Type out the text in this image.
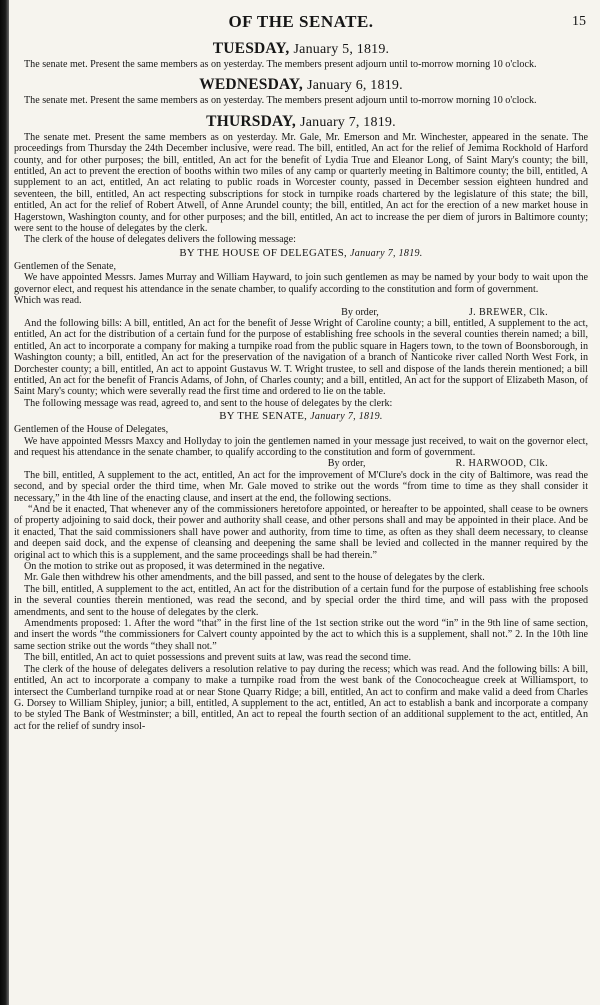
OF THE SENATE.	15
TUESDAY, January 5, 1819.

The senate met. Present the same members as on yesterday. The members present adjourn until to-morrow morning 10 o'clock.

WEDNESDAY, January 6, 1819.

The senate met. Present the same members as on yesterday. The members present adjourn until to-morrow morning 10 o'clock.

THURSDAY, January 7, 1819.

The senate met. Present the same members as on yesterday. Mr. Gale, Mr. Emerson and Mr. Winchester, appeared in the senate. The proceedings from Thursday the 24th December inclusive, were read. The bill, entitled, An act for the relief of Jemima Rockhold of Harford county, and for other purposes; the bill, entitled, An act for the benefit of Lydia True and Eleanor Long, of Saint Mary's county; the bill, entitled, An act to prevent the erection of booths within two miles of any camp or quarterly meeting in Baltimore county; the bill, entitled, A supplement to an act, entitled, An act relating to public roads in Worcester county, passed in December session eighteen hundred and seventeen, the bill, entitled, An act respecting subscriptions for stock in turnpike roads chartered by the legislature of this state; the bill, entitled, An act for the relief of Robert Atwell, of Anne Arundel county; the bill, entitled, An act for the erection of a new market house in Hagerstown, Washington county, and for other purposes; and the bill, entitled, An act to increase the per diem of jurors in Baltimore county; were sent to the house of delegates by the clerk.

The clerk of the house of delegates delivers the following message:

BY THE HOUSE OF DELEGATES, January 7, 1819.
Gentlemen of the Senate,

We have appointed Messrs. James Murray and William Hayward, to join such gentlemen as may be named by your body to wait upon the governor elect, and request his attendance in the senate chamber, to qualify according to the constitution and form of government.

Which was read.

By order,	J. BREWER, Clk.

And the following bills: A bill, entitled, An act for the benefit of Jesse Wright of Caroline county; a bill, entitled, A supplement to the act, entitled, An act for the distribution of a certain fund for the purpose of establishing free schools in the several counties therein named; a bill, entitled, An act to incorporate a company for making a turnpike road from the public square in Hagers town, to the town of Boonsborough, in Washington county; a bill, entitled, An act for the preservation of the navigation of a branch of Nanticoke river called North West Fork, in Dorchester county; a bill, entitled, An act to appoint Gustavus W. T. Wright trustee, to sell and dispose of the lands therein mentioned; a bill entitled, An act for the benefit of Francis Adams, of John, of Charles county; and a bill, entitled, An act for the support of Elizabeth Mason, of Saint Mary's county; which were severally read the first time and ordered to lie on the table.

The following message was read, agreed to, and sent to the house of delegates by the clerk:

BY THE SENATE, January 7, 1819.
Gentlemen of the House of Delegates,

We have appointed Messrs Maxcy and Hollyday to join the gentlemen named in your message just received, to wait on the governor elect, and request his attendance in the senate chamber, to qualify according to the constitution and form of government.

By order,	R. HARWOOD, Clk.

The bill, entitled, A supplement to the act, entitled, An act for the improvement of M'Clure's dock in the city of Baltimore, was read the second, and by special order the third time, when Mr. Gale moved to strike out the words “from time to time as they shall consider it necessary,” in the 4th line of the enacting clause, and insert at the end, the following sections.

“And be it enacted, That whenever any of the commissioners heretofore appointed, or hereafter to be appointed, shall cease to be owners of property adjoining to said dock, their power and authority shall cease, and other persons shall and may be appointed in their place. And be it enacted, That the said commissioners shall have power and authority, from time to time, as often as they shall deem necessary, to cleanse and deepen said dock, and the expense of cleansing and deepening the same shall be levied and collected in the manner required by the original act to which this is a supplement, and the same proceedings shall be had therein.”

On the motion to strike out as proposed, it was determined in the negative.

Mr. Gale then withdrew his other amendments, and the bill passed, and sent to the house of delegates by the clerk.

The bill, entitled, A supplement to the act, entitled, An act for the distribution of a certain fund for the purpose of establishing free schools in the several counties therein mentioned, was read the second, and by special order the third time, and will pass with the proposed amendments, and sent to the house of delegates by the clerk.

Amendments proposed: 1. After the word “that” in the first line of the 1st section strike out the word “in” in the 9th line of same section, and insert the words “the commissioners for Calvert county appointed by the act to which this is a supplement, shall not.” 2. In the 10th line same section strike out the words “they shall not.”

The bill, entitled, An act to quiet possessions and prevent suits at law, was read the second time.

The clerk of the house of delegates delivers a resolution relative to pay during the recess; which was read. And the following bills: A bill, entitled, An act to incorporate a company to make a turnpike road from the west bank of the Conococheague creek at Williamsport, to intersect the Cumberland turnpike road at or near Stone Quarry Ridge; a bill, entitled, An act to confirm and make valid a deed from Charles G. Dorsey to William Shipley, junior; a bill, entitled, A supplement to the act, entitled, An act to establish a bank and incorporate a company to be styled The Bank of Westminster; a bill, entitled, An act to repeal the fourth section of an additional supplement to the act, entitled, An act for the relief of sundry insol-
